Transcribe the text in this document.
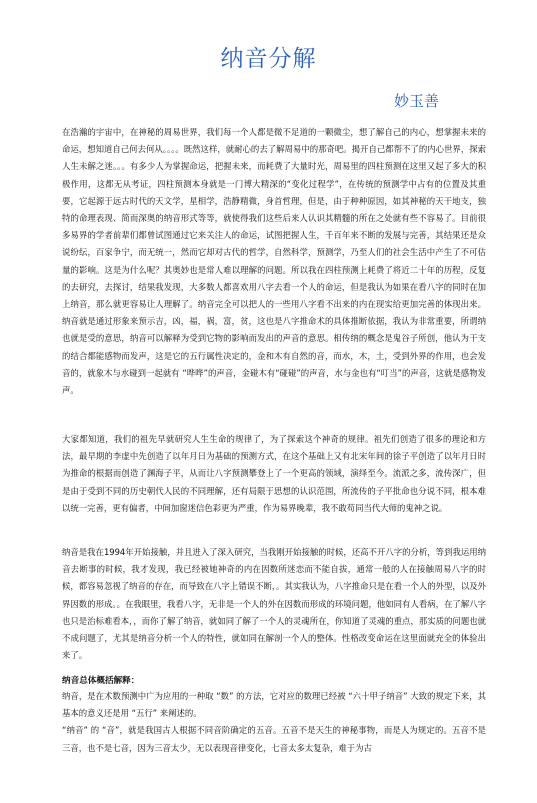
纳音分解
妙玉善
在浩瀚的宇宙中，在神秘的周易世界，我们每一个人都是微不足道的一颗微尘，想了解自己的内心，想掌握未来的命运，想知道自己何去何从。。。。既然这样，就耐心的去了解周易中的那奇吧。揭开自己都帮不了的内心世界，探索人生未解之迷。。。有多少人为掌握命运，把握未来，而耗费了大量时光，周易里的四柱预测在这里又起了多大的积极作用，这都无从考证，四柱预测本身就是一门博大精深的“变化过程学”，在传统的预测学中占有的位置及其重要，它起源于远古时代的天文学，星相学，浩静精微，身首哲理，但是，由于种种原因，如其神秘的天干地支，独特的命理表现、简而深奥的纳音形式等等，就使得我们这些后来人认识其精髓的所在之处就有些不容易了。目前很多易界的学者前辈们都曾试图通过它来关注人的命运，试图把握人生，千百年来不断的发展与完善，其结果还是众说纷纭，百家争宁，而无统一，然而它却对古代的哲学，自然科学，预测学，乃至人们的社会生活中产生了不可估量的影响。这是为什么呢？其奥妙也是常人难以理解的问题。所以我在四柱预测上耗费了将近二十年的历程，反复的去研究，去探讨，结果我发现，大多数人都喜欢用八字去看一个人的命运，但是我认为如果在看八字的同时在加上纳音，那么就更容易让人理解了。纳音完全可以把人的一些用八字看不出来的内在现实给更加完善的体现出来。纳音就是通过形象来预示吉，凶，福，祸，富，贫，这也是八字推命术的具体推断依据，我认为非常重要，所谓纳也就是受的意思，纳音可以解释为受到它物的影响而发出的声音的意思。相传纳的概念是鬼谷子所创，他认为干支的结合都能感物而发声，这是它的五行属性决定的，金和木有自然的音，而水，木，土，受到外界的作用，也会发音的，就象木与水碰到一起就有 “哗哗”的声音，金碰木有“碰碰”的声音，水与金也有“叮当”的声音，这就是感物发声。
大家都知道，我们的祖先早就研究人生生命的规律了，为了探索这个神奇的规律。祖先们创造了很多的理论和方法，最早期的李虚中先创造了以年月日为基础的预测方式，在这个基础上又有北宋年间的徐子平创造了以年月日时为推命的根据而创造了渊海子平，从而让八字预测攀登上了一个更高的领域，演绎至今。流派之多，流传深广，但是由于受到不同的历史朝代人民的不同理解，还有局限于思想的认识范围，所流传的子平批命也分说不同，根本难以统一完善，更有偏者，中间加窗迷信色彩更为严重，作为易界晚辈，我不敢苟同当代大师的鬼神之说。
纳音是我在1994年开始接触，并且进入了深入研究，当我刚开始接触的时候，还高不开八字的分析，等到我运用纳音去断事的时候，我才发现，我已经被她神奇的内在因数所迷恋而不能自拔，通常一般的人在接触周易八字的时候，都容易忽视了纳音的存在，而导致在八字上错误不断，。其实我认为，八字推命只是在看一个人的外型，以及外界因数的形成。。在我眼里，我看八字，无非是一个人的外在因数而形成的环境问题，他如同有人看病，在了解八字也只是治标难看本，，而你了解了纳音，就如同了解了一个人的灵魂所在，你知道了灵魂的重点，那实质的问题也就不成问题了，尤其是纳音分析一个人的特性，就如同在解剖一个人的整体。性格改变命运在这里面就充全的体验出来了。
纳音总体概括解释：
纳音，是在术数预测中广为应用的一种取 “数” 的方法，它对应的数理已经被 “六十甲子纳音” 大致的规定下来，其基本的意义还是用 “五行” 来阐述的。
“纳音” 的 “音”，就是我国古人根据不同音阶确定的五音。五音不是天生的神秘事物，而是人为规定的。五音不是三音，也不是七音，因为三音太少，无以表现音律变化，七音太多太复杂，难于为古
